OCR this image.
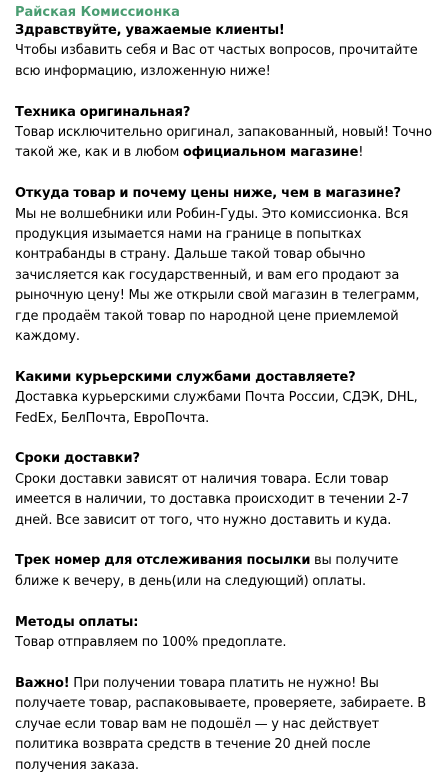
Райская Комиссионка
Здравствуйте, уважаемые клиенты!
Чтобы избавить себя и Вас от частых вопросов, прочитайте всю информацию, изложенную ниже!
Техника оригинальная?
Товар исключительно оригинал, запакованный, новый! Точно такой же, как и в любом официальном магазине!
Откуда товар и почему цены ниже, чем в магазине?
Мы не волшебники или Робин-Гуды. Это комиссионка. Вся продукция изымается нами на границе в попытках контрабанды в страну. Дальше такой товар обычно зачисляется как государственный, и вам его продают за рыночную цену! Мы же открыли свой магазин в телеграмм, где продаём такой товар по народной цене приемлемой каждому.
Какими курьерскими службами доставляете?
Доставка курьерскими службами Почта России, СДЭК, DHL, FedEx, БелПочта, ЕвроПочта.
Сроки доставки?
Сроки доставки зависят от наличия товара. Если товар имеется в наличии, то доставка происходит в течении 2-7 дней. Все зависит от того, что нужно доставить и куда.
Трек номер для отслеживания посылки вы получите ближе к вечеру, в день(или на следующий) оплаты.
Методы оплаты:
Товар отправляем по 100% предоплате.
Важно! При получении товара платить не нужно! Вы получаете товар, распаковываете, проверяете, забираете. В случае если товар вам не подошёл — у нас действует политика возврата средств в течение 20 дней после получения заказа.
